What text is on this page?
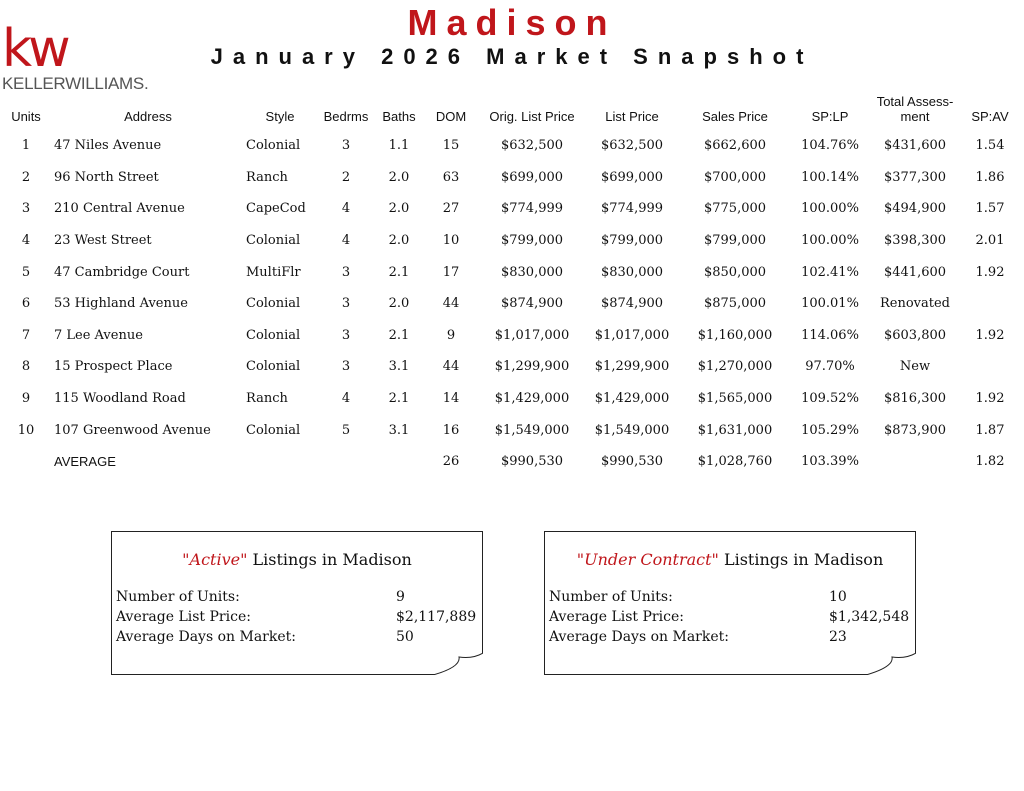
kw
KELLERWILLIAMS.
Madison
January 2026 Market Snapshot
Units	Address	Style	Bedrms	Baths	DOM	Orig. List Price	List Price	Sales Price	SP:LP	Total Assess-ment	SP:AV
1	47 Niles Avenue	Colonial	3	1.1	15	$632,500	$632,500	$662,600	104.76%	$431,600	1.54
2	96 North Street	Ranch	2	2.0	63	$699,000	$699,000	$700,000	100.14%	$377,300	1.86
3	210 Central Avenue	CapeCod	4	2.0	27	$774,999	$774,999	$775,000	100.00%	$494,900	1.57
4	23 West Street	Colonial	4	2.0	10	$799,000	$799,000	$799,000	100.00%	$398,300	2.01
5	47 Cambridge Court	MultiFlr	3	2.1	17	$830,000	$830,000	$850,000	102.41%	$441,600	1.92
6	53 Highland Avenue	Colonial	3	2.0	44	$874,900	$874,900	$875,000	100.01%	Renovated	
7	7 Lee Avenue	Colonial	3	2.1	9	$1,017,000	$1,017,000	$1,160,000	114.06%	$603,800	1.92
8	15 Prospect Place	Colonial	3	3.1	44	$1,299,900	$1,299,900	$1,270,000	97.70%	New	
9	115 Woodland Road	Ranch	4	2.1	14	$1,429,000	$1,429,000	$1,565,000	109.52%	$816,300	1.92
10	107 Greenwood Avenue	Colonial	5	3.1	16	$1,549,000	$1,549,000	$1,631,000	105.29%	$873,900	1.87
	AVERAGE				26	$990,530	$990,530	$1,028,760	103.39%		1.82
"Active" Listings in Madison
Number of Units:	9
Average List Price:	$2,117,889
Average Days on Market:	50
"Under Contract" Listings in Madison
Number of Units:	10
Average List Price:	$1,342,548
Average Days on Market:	23
